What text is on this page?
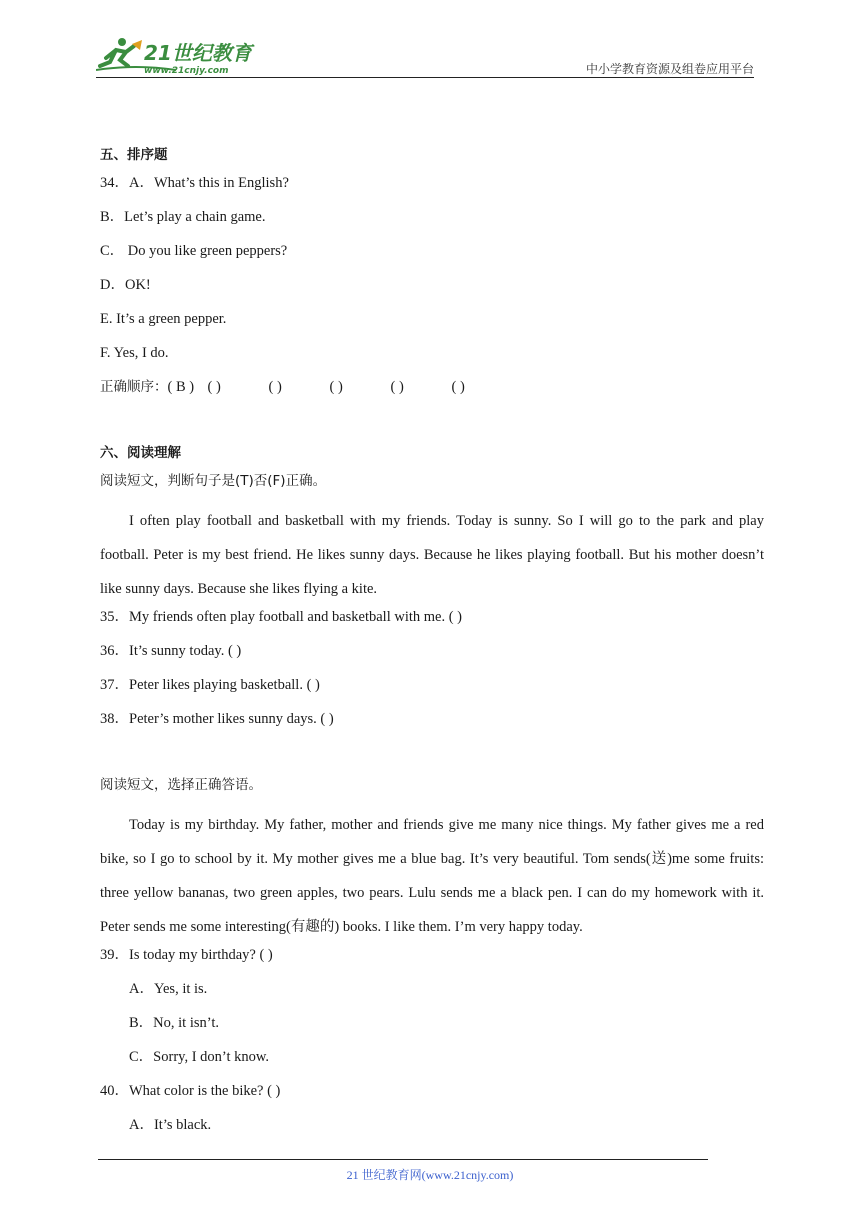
21世纪教育
www.21cnjy.com	中小学教育资源及组卷应用平台
五、排序题
34．A．What’s this in English?
B．Let’s play a chain game.
C． Do you like green peppers?
D．OK!
E. It’s a green pepper.
F. Yes, I do.
正确顺序：( B ) ( )	( )	( )	( )	( )
六、阅读理解
阅读短文，判断句子是(T)否(F)正确。
I often play football and basketball with my friends. Today is sunny. So I will go to the park and play football. Peter is my best friend. He likes sunny days. Because he likes playing football. But his mother doesn’t like sunny days. Because she likes flying a kite.
35．My friends often play football and basketball with me. ( )
36．It’s sunny today. ( )
37．Peter likes playing basketball. ( )
38．Peter’s mother likes sunny days. ( )
阅读短文，选择正确答语。
Today is my birthday. My father, mother and friends give me many nice things. My father gives me a red bike, so I go to school by it. My mother gives me a blue bag. It’s very beautiful. Tom sends(送)me some fruits: three yellow bananas, two green apples, two pears. Lulu sends me a black pen. I can do my homework with it. Peter sends me some interesting(有趣的) books. I like them. I’m very happy today.
39．Is today my birthday? ( )
A．Yes, it is.
B．No, it isn’t.
C．Sorry, I don’t know.
40．What color is the bike? ( )
A．It’s black.
21 世纪教育网(www.21cnjy.com)
